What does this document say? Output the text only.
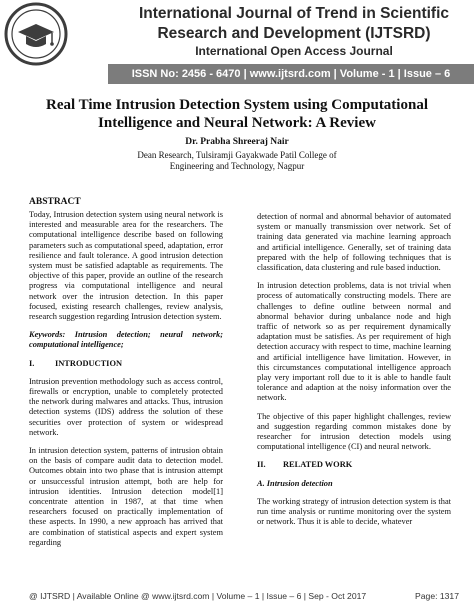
International Journal of Trend in Scientific
Research and Development (IJTSRD)
International Open Access Journal
ISSN No: 2456 - 6470 | www.ijtsrd.com | Volume - 1 | Issue – 6
Real Time Intrusion Detection System using Computational
Intelligence and Neural Network: A Review
Dr. Prabha Shreeraj Nair
Dean Research, Tulsiramji Gayakwade Patil College of
Engineering and Technology, Nagpur
ABSTRACT

Today, Intrusion detection system using neural network is interested and measurable area for the researchers. The computational intelligence describe based on following parameters such as computational speed, adaptation, error resilience and fault tolerance. A good intrusion detection system must be satisfied adaptable as requirements. The objective of this paper, provide an outline of the research progress via computational intelligence and neural network over the intrusion detection. In this paper focused, existing research challenges, review analysis, research suggestion regarding Intrusion detection system.

Keywords: Intrusion detection; neural network; computational intelligence;

I.	INTRODUCTION

Intrusion prevention methodology such as access control, firewalls or encryption, unable to completely protected the network during malwares and attacks. Thus, intrusion detection systems (IDS) address the solution of these securities over protection of system or widespread network.

In intrusion detection system, patterns of intrusion obtain on the basis of compare audit data to detection model. Outcomes obtain into two phase that is intrusion attempt or unsuccessful intrusion attempt, both are help for intrusion identities. Intrusion detection model[1] concentrate attention in 1987, at that time when researchers focused on practically implementation of these aspects. In 1990, a new approach has arrived that are combination of statistical aspects and expert system regarding

detection of normal and abnormal behavior of automated system or manually transmission over network. Set of training data generated via machine learning approach and artificial intelligence. Generally, set of training data prepared with the help of following techniques that is classification, data clustering and rule based induction.

In intrusion detection problems, data is not trivial when process of automatically constructing models. There are challenges to define outline between normal and abnormal behavior during unbalance node and high traffic of network so as per requirement dynamically adaptation must be satisfies. As per requirement of high detection accuracy with respect to time, machine learning and artificial intelligence have limitation. However, in this circumstances computational intelligence approach play very important roll due to it is able to handle fault tolerance and adaption at the noisy information over the network.

The objective of this paper highlight challenges, review and suggestion regarding common mistakes done by researcher for intrusion detection models using computational intelligence (CI) and neural network.

II.	RELATED WORK

A. Intrusion detection

The working strategy of intrusion detection system is that run time analysis or runtime monitoring over the system or network. Thus it is able to decide, whatever

@ IJTSRD | Available Online @ www.ijtsrd.com | Volume – 1 | Issue – 6 | Sep - Oct 2017	Page: 1317
